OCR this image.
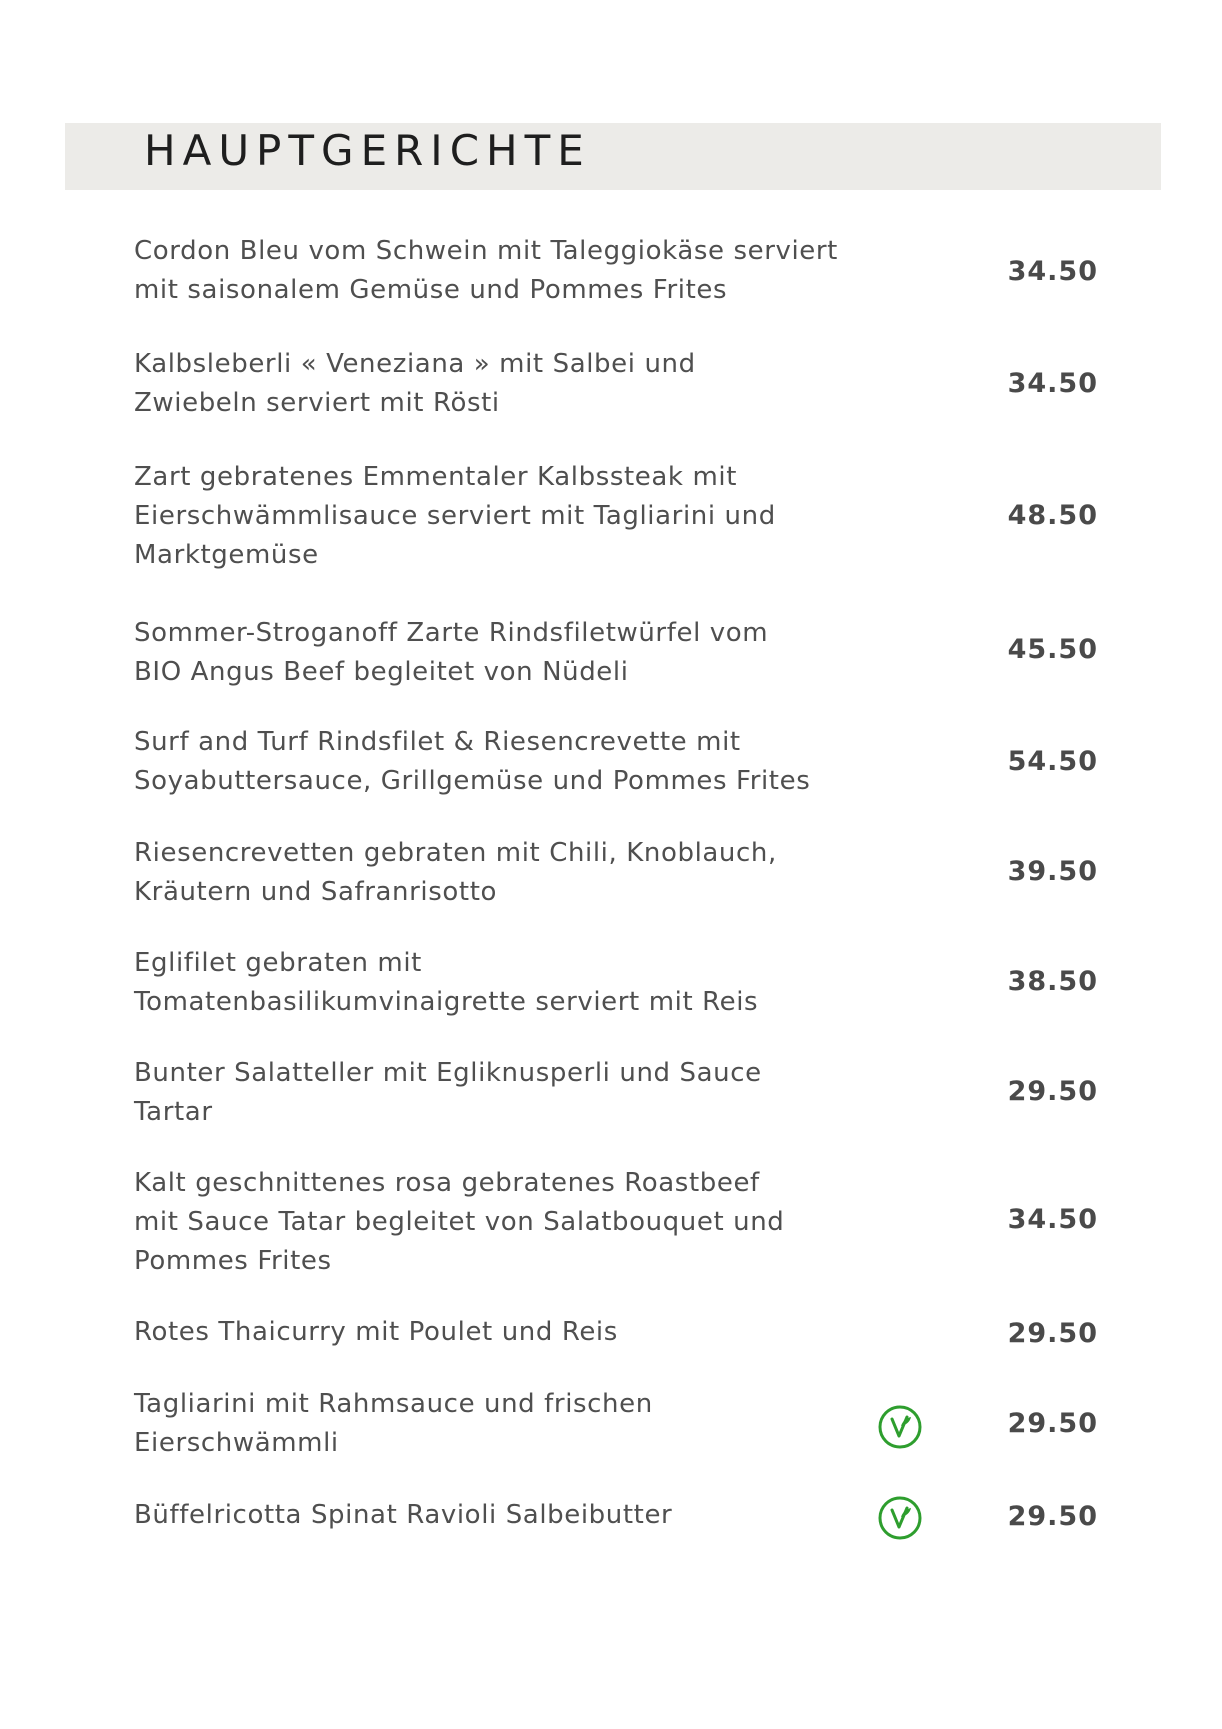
HAUPTGERICHTE

Cordon Bleu vom Schwein mit Taleggiokäse serviert
mit saisonalem Gemüse und Pommes Frites

34.50

Kalbsleberli « Veneziana » mit Salbei und
Zwiebeln serviert mit Rösti

34.50

Zart gebratenes Emmentaler Kalbssteak mit
Eierschwämmlisauce serviert mit Tagliarini und
Marktgemüse

48.50

Sommer-Stroganoff Zarte Rindsfiletwürfel vom
BIO Angus Beef begleitet von Nüdeli

45.50

Surf and Turf Rindsfilet & Riesencrevette mit
Soyabuttersauce, Grillgemüse und Pommes Frites

54.50

Riesencrevetten gebraten mit Chili, Knoblauch,
Kräutern und Safranrisotto

39.50

Eglifilet gebraten mit
Tomatenbasilikumvinaigrette serviert mit Reis

38.50

Bunter Salatteller mit Egliknusperli und Sauce
Tartar

29.50

Kalt geschnittenes rosa gebratenes Roastbeef
mit Sauce Tatar begleitet von Salatbouquet und
Pommes Frites

34.50

Rotes Thaicurry mit Poulet und Reis	29.50

Tagliarini mit Rahmsauce und frischen
Eierschwämmli

29.50

Büffelricotta Spinat Ravioli Salbeibutter	29.50
